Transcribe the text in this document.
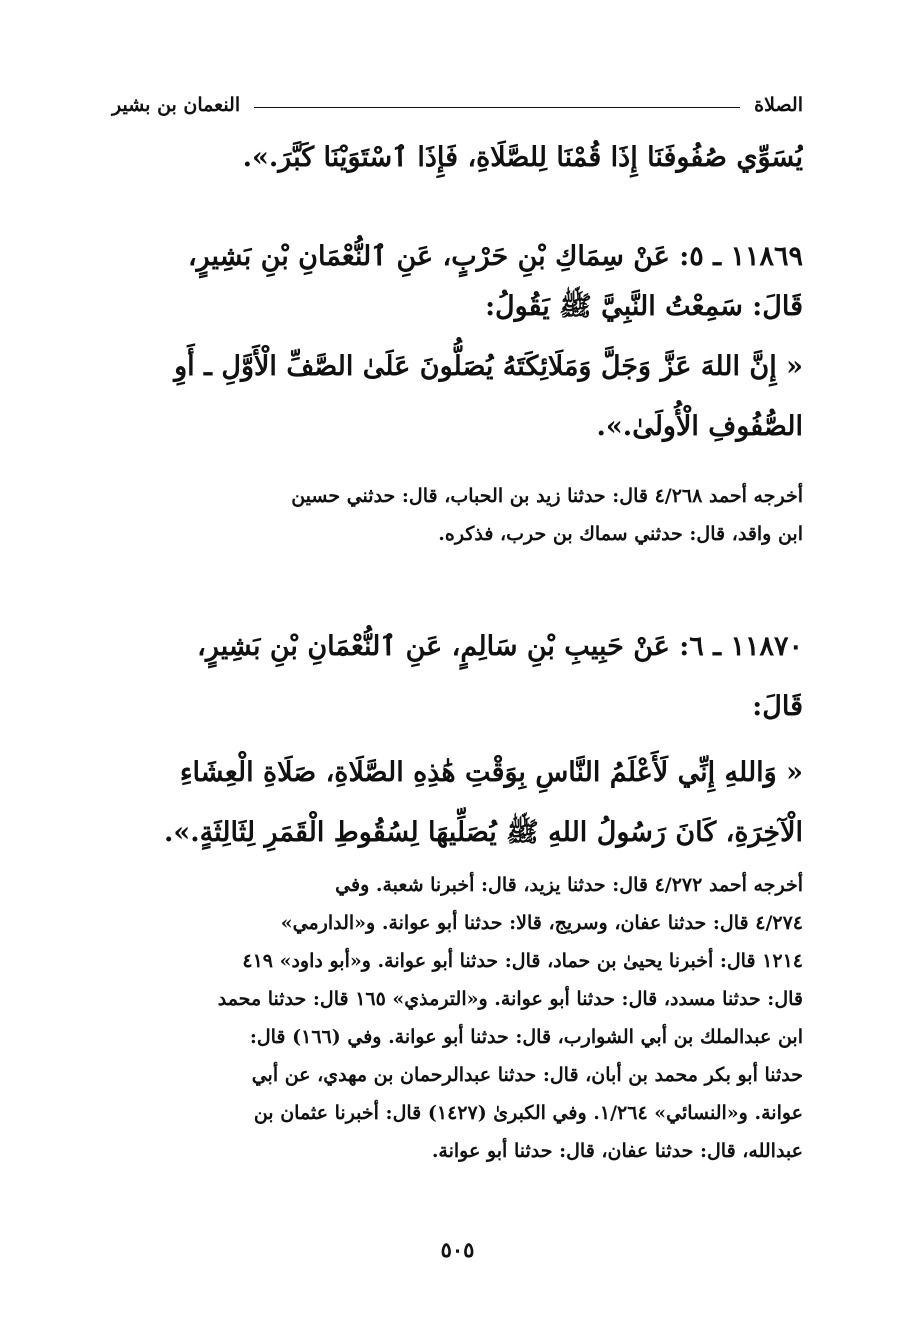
الصلاة
النعمان بن بشير
يُسَوِّي صُفُوفَنَا إِذَا قُمْنَا لِلصَّلَاةِ، فَإِذَا ٱسْتَوَيْنَا كَبَّرَ.».
١١٨٦٩ ـ ٥: عَنْ سِمَاكِ بْنِ حَرْبٍ، عَنِ ٱلنُّعْمَانِ بْنِ بَشِيرٍ،
قَالَ: سَمِعْتُ النَّبِيَّ ﷺ يَقُولُ:
« إِنَّ اللهَ عَزَّ وَجَلَّ وَمَلَائِكَتَهُ يُصَلُّونَ عَلَىٰ الصَّفِّ الْأَوَّلِ ـ أَوِ
الصُّفُوفِ الْأُولَىٰ.».
أخرجه أحمد ٤/٢٦٨ قال: حدثنا زيد بن الحباب، قال: حدثني حسين
ابن واقد، قال: حدثني سماك بن حرب، فذكره.
١١٨٧٠ ـ ٦: عَنْ حَبِيبِ بْنِ سَالِمٍ، عَنِ ٱلنُّعْمَانِ بْنِ بَشِيرٍ،
قَالَ:
« وَاللهِ إِنِّي لَأَعْلَمُ النَّاسِ بِوَقْتِ هَٰذِهِ الصَّلَاةِ، صَلَاةِ الْعِشَاءِ
الْآخِرَةِ، كَانَ رَسُولُ اللهِ ﷺ يُصَلِّيهَا لِسُقُوطِ الْقَمَرِ لِثَالِثَةٍ.».
أخرجه أحمد ٤/٢٧٢ قال: حدثنا يزيد، قال: أخبرنا شعبة. وفي
٤/٢٧٤ قال: حدثنا عفان، وسريج، قالا: حدثنا أبو عوانة. و«الدارمي»
١٢١٤ قال: أخبرنا يحيىٰ بن حماد، قال: حدثنا أبو عوانة. و«أبو داود» ٤١٩
قال: حدثنا مسدد، قال: حدثنا أبو عوانة. و«الترمذي» ١٦٥ قال: حدثنا محمد
ابن عبدالملك بن أبي الشوارب، قال: حدثنا أبو عوانة. وفي (١٦٦) قال:
حدثنا أبو بكر محمد بن أبان، قال: حدثنا عبدالرحمان بن مهدي، عن أبي
عوانة. و«النسائي» ١/٢٦٤. وفي الكبرىٰ (١٤٢٧) قال: أخبرنا عثمان بن
عبدالله، قال: حدثنا عفان، قال: حدثنا أبو عوانة.
٥٠٥
